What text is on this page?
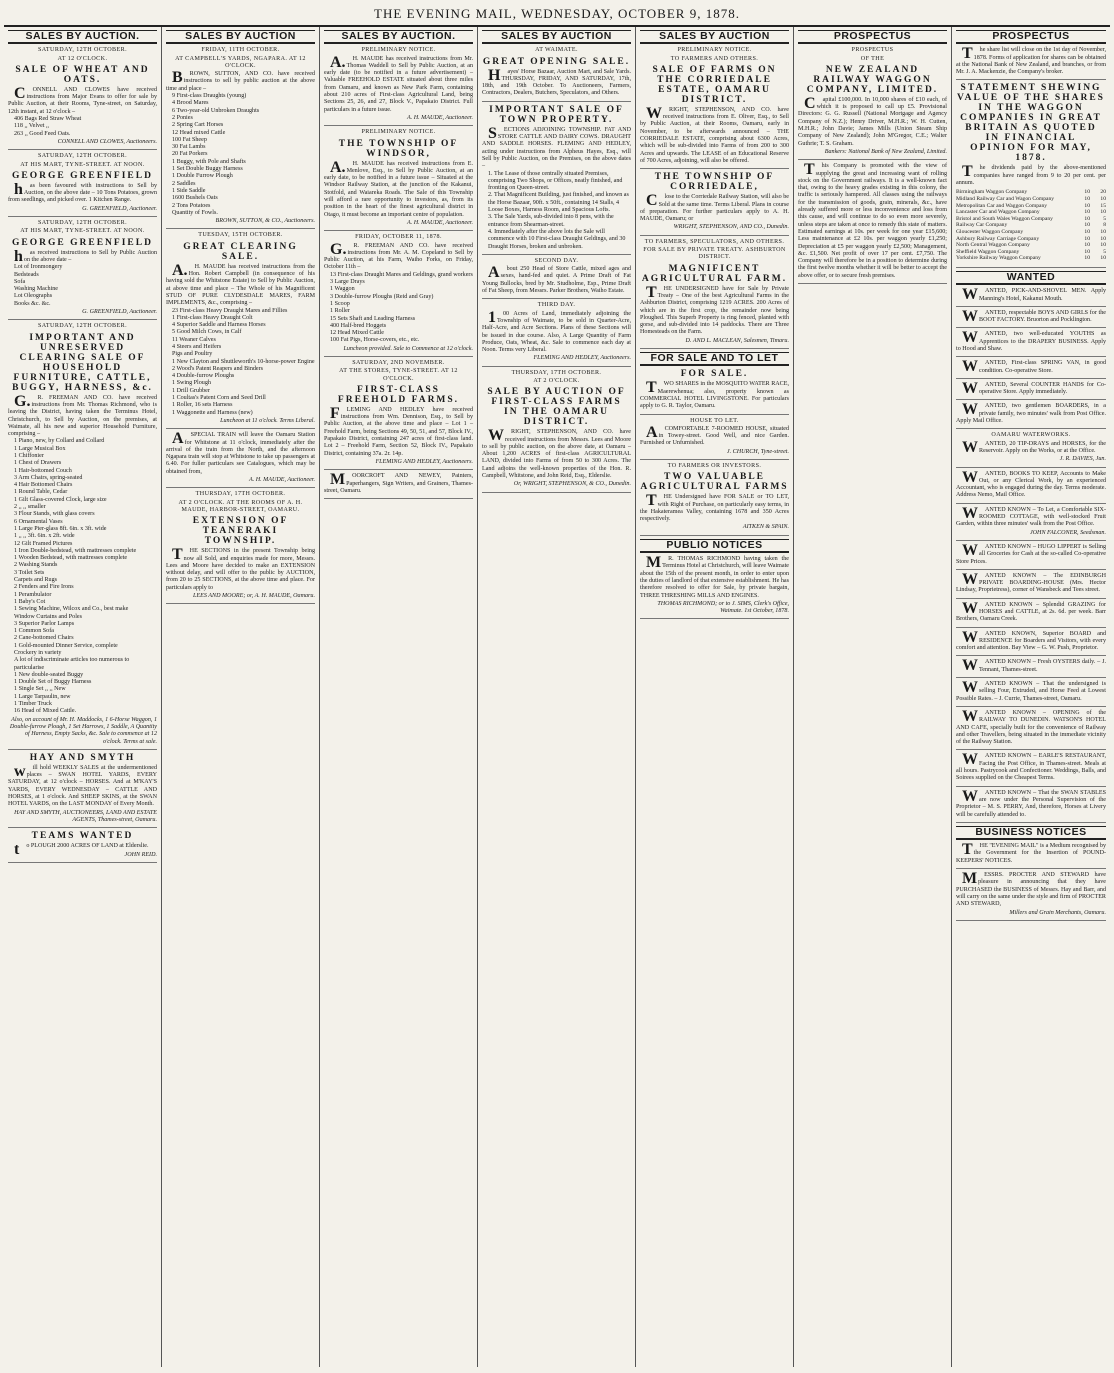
THE EVENING MAIL, WEDNESDAY, OCTOBER 9, 1878.
SALES BY AUCTION.
SATURDAY, 12TH OCTOBER.
AT 12 O'CLOCK.
SALE OF WHEAT AND OATS.

CONNELL AND CLOWES have received instructions from Major Evans to offer for sale by Public Auction, at their Rooms, Tyne-street, on Saturday, 12th instant, at 12 o'clock –

406 Bags Red Straw Wheat
118 ,, Velvet ,,
263 ,, Good Feed Oats.
CONNELL AND CLOWES, Auctioneers.
SATURDAY, 12TH OCTOBER.
AT HIS MART, TYNE-STREET. AT NOON.
GEORGE GREENFIELD

has been favoured with instructions to Sell by Auction, on the above date – 10 Tons Potatoes, grown from seedlings, and picked over. 1 Kitchen Range.

G. GREENFIELD, Auctioneer.
SATURDAY, 12TH OCTOBER.
AT HIS MART, TYNE-STREET. AT NOON.
GEORGE GREENFIELD

has received instructions to Sell by Public Auction on the above date –

Lot of Ironmongery
Bedsteads
Sofa
Washing Machine
Lot Oleographs
Books &c. &c.
G. GREENFIELD, Auctioneer.
SATURDAY, 12TH OCTOBER.
IMPORTANT AND UNRESERVED CLEARING SALE OF HOUSEHOLD FURNITURE, CATTLE, BUGGY, HARNESS, &c.

G.R. FREEMAN AND CO. have received instructions from Mr. Thomas Richmond, who is leaving the District, having taken the Terminus Hotel, Christchurch, to Sell by Auction, on the premises, at Waimate, all his new and superior Household Furniture, comprising –

1 Piano, new, by Collard and Collard
1 Large Musical Box
1 Chiffonier
1 Chest of Drawers
1 Hair-bottomed Couch
3 Arm Chairs, spring-seated
4 Hair Bottomed Chairs
1 Round Table, Cedar
1 Gilt Glass-covered Clock, large size
2 ,, ,, smaller
3 Flour Stands, with glass covers
6 Ornamental Vases
1 Large Pier-glass 8ft. 6in. x 3ft. wide
1 ,, ,, 3ft. 6in. x 2ft. wide
12 Gilt Framed Pictures
1 Iron Double-bedstead, with mattresses complete
1 Wooden Bedstead, with mattresses complete
2 Washing Stands
3 Toilet Sets
Carpets and Rugs
2 Fenders and Fire Irons
1 Perambulator
1 Baby's Cot
1 Sewing Machine, Wilcox and Co., best make
Window Curtains and Poles
3 Superior Parlor Lamps
1 Common Sofa
2 Cane-bottomed Chairs
1 Gold-mounted Dinner Service, complete
Crockery in variety
A lot of indiscriminate articles too numerous to particularise
1 New double-seated Buggy
1 Double Set of Buggy Harness
1 Single Set ,, ,, New
1 Large Tarpaulin, new
1 Timber Truck
16 Head of Mixed Cattle.
Also, on account of Mr. H. Maddocks, 1 6-Horse Waggon, 1 Double-furrow Plough, 1 Set Harrows, 1 Saddle, A Quantity of Harness, Empty Sacks, &c. Sale to commence at 12 o'clock. Terms at sale.
HAY AND SMYTH

will hold WEEKLY SALES at the undermentioned places – SWAN HOTEL YARDS, EVERY SATURDAY, at 12 o'clock – HORSES. And at M'KAY'S YARDS, EVERY WEDNESDAY – CATTLE AND HORSES, at 1 o'clock. And SHEEP SKINS, at the SWAN HOTEL YARDS, on the LAST MONDAY of Every Month.

HAY AND SMYTH, AUCTIONEERS, LAND AND ESTATE AGENTS, Thames-street, Oamaru.
TEAMS WANTED

to PLOUGH 2000 ACRES OF LAND at Elderslie.

JOHN REID.
SALES BY AUCTION
FRIDAY, 11TH OCTOBER.
AT CAMPBELL'S YARDS, NGAPARA. AT 12 O'CLOCK.

BROWN, SUTTON, AND CO. have received instructions to sell by public auction at the above time and place –

9 First-class Draughts (young)
4 Brood Mares
6 Two-year-old Unbroken Draughts
2 Ponies
2 Spring Cart Horses
12 Head mixed Cattle
100 Fat Sheep
30 Fat Lambs
20 Fat Porkers
1 Buggy, with Pole and Shafts
1 Set Double Buggy Harness
1 Double Furrow Plough
2 Saddles
1 Side Saddle
1600 Bushels Oats
2 Tons Potatoes
Quantity of Fowls.
BROWN, SUTTON, & CO., Auctioneers.
TUESDAY, 15TH OCTOBER.
GREAT CLEARING SALE.

A.H. MAUDE has received instructions from the Hon. Robert Campbell (in consequence of his having sold the Whitstone Estate) to Sell by Public Auction, at above time and place – The Whole of his Magnificent STUD OF PURE CLYDESDALE MARES, FARM IMPLEMENTS, &c., comprising –

23 First-class Heavy Draught Mares and Fillies
1 First-class Heavy Draught Colt
4 Superior Saddle and Harness Horses
5 Good Milch Cows, in Calf
11 Weaner Calves
4 Steers and Heifers
Pigs and Poultry
1 New Clayton and Shuttleworth's 10-horse-power Engine
2 Wood's Patent Reapers and Binders
4 Double-furrow Ploughs
1 Swing Plough
1 Drill Grubber
1 Coultas's Patent Corn and Seed Drill
1 Roller, 16 sets Harness
1 Waggonette and Harness (new)
Luncheon at 11 o'clock. Terms Liberal.

ASPECIAL TRAIN will leave the Oamaru Station for Whitstone at 11 o'clock, immediately after the arrival of the train from the North, and the afternoon Ngapara train will stop at Whitstone to take up passengers at 6.40. For fuller particulars see Catalogues, which may be obtained from,

A. H. MAUDE, Auctioneer.
THURSDAY, 17TH OCTOBER.
AT 2 O'CLOCK. AT THE ROOMS OF A. H. MAUDE, HARBOR-STREET, OAMARU.
EXTENSION OF TEANERAKI TOWNSHIP.

THE SECTIONS in the present Township being now all Sold, and enquiries made for more, Messrs. Lees and Moore have decided to make an EXTENSION without delay, and will offer to the public by AUCTION, from 20 to 25 SECTIONS, at the above time and place. For particulars apply to

LEES AND MOORE; or, A. H. MAUDE, Oamaru.
SALES BY AUCTION.
PRELIMINARY NOTICE.

A.H. MAUDE has received instructions from Mr. Thomas Waddell to Sell by Public Auction, at an early date (to be notified in a future advertisement) – Valuable FREEHOLD ESTATE situated about three miles from Oamaru, and known as New Park Farm, containing about 210 acres of First-class Agricultural Land, being Sections 25, 26, and 27, Block V., Papakaio District. Full particulars in a future issue.

A. H. MAUDE, Auctioneer.
PRELIMINARY NOTICE.
THE TOWNSHIP OF WINDSOR,

A.H. MAUDE has received instructions from E. Menlove, Esq., to Sell by Public Auction, at an early date, to be notified in a future issue – Situated at the Windsor Railway Station, at the junction of the Kakanui, Stotfold, and Waiareka Roads. The Sale of this Township will afford a rare opportunity to investors, as, from its position in the heart of the finest agricultural district in Otago, it must become an important centre of population.

A. H. MAUDE, Auctioneer.
FRIDAY, OCTOBER 11, 1878.

G.R. FREEMAN AND CO. have received instructions from Mr. A. M. Copeland to Sell by Public Auction, at his Farm, Waiho Forks, on Friday, October 11th –

13 First-class Draught Mares and Geldings, grand workers
3 Large Drays
1 Waggon
3 Double-furrow Ploughs (Reid and Gray)
1 Scoop
1 Roller
15 Sets Shaft and Leading Harness
400 Half-bred Hoggets
12 Head Mixed Cattle
100 Fat Pigs, Horse-covers, etc., etc.
Luncheon provided. Sale to Commence at 12 o'clock.
SATURDAY, 2ND NOVEMBER.
AT THE STORES, TYNE-STREET. AT 12 O'CLOCK.
FIRST-CLASS FREEHOLD FARMS.

FLEMING AND HEDLEY have received instructions from Wm. Dennison, Esq., to Sell by Public Auction, at the above time and place – Lot 1 – Freehold Farm, being Sections 49, 50, 51, and 57, Block IV., Papakaio District, containing 247 acres of first-class land. Lot 2 – Freehold Farm, Section 52, Block IV., Papakaio District, containing 37a. 2r. 14p.

FLEMING AND HEDLEY, Auctioneers.

MOORCROFT AND NEWEY, Painters, Paperhangers, Sign Writers, and Grainers, Thames-street, Oamaru.

SALES BY AUCTION
AT WAIMATE.
GREAT OPENING SALE.

Hayes' Horse Bazaar, Auction Mart, and Sale Yards. THURSDAY, FRIDAY, AND SATURDAY, 17th, 18th, and 19th October. To Auctioneers, Farmers, Contractors, Dealers, Butchers, Speculators, and Others.

IMPORTANT SALE OF TOWN PROPERTY.

SECTIONS ADJOINING TOWNSHIP. FAT AND STORE CATTLE AND DAIRY COWS. DRAUGHT AND SADDLE HORSES. FLEMING AND HEDLEY, acting under instructions from Alpheus Hayes, Esq., will Sell by Public Auction, on the Premises, on the above dates –

1. The Lease of those centrally situated Premises, comprising Two Shops, or Offices, neatly finished, and fronting on Queen-street.
2. That Magnificent Building, just finished, and known as the Horse Bazaar, 90ft. x 50ft., containing 14 Stalls, 4 Loose Boxes, Harness Room, and Spacious Lofts.
3. The Sale Yards, sub-divided into 8 pens, with the entrance from Shearman-street.
4. Immediately after the above lots the Sale will commence with 10 First-class Draught Geldings, and 30 Draught Horses, broken and unbroken.
SECOND DAY.

About 250 Head of Store Cattle, mixed ages and sexes, hand-fed and quiet. A Prime Draft of Fat Young Bullocks, bred by Mr. Studholme, Esp., Prime Draft of Fat Sheep, from Messrs. Parker Brothers, Waiho Estate.

THIRD DAY.

100 Acres of Land, immediately adjoining the Township of Waimate, to be sold in Quarter-Acre, Half-Acre, and Acre Sections. Plans of these Sections will be issued in due course. Also, A Large Quantity of Farm Produce, Oats, Wheat, &c. Sale to commence each day at Noon. Terms very Liberal.

FLEMING AND HEDLEY, Auctioneers.
THURSDAY, 17TH OCTOBER.
AT 2 O'CLOCK.
SALE BY AUCTION OF FIRST-CLASS FARMS IN THE OAMARU DISTRICT.

WRIGHT, STEPHENSON, AND CO. have received instructions from Messrs. Lees and Moore to sell by public auction, on the above date, at Oamaru – About 1,200 ACRES of first-class AGRICULTURAL LAND, divided into Farms of from 50 to 300 Acres. The Land adjoins the well-known properties of the Hon. R. Campbell, Whitstone, and John Reid, Esq., Elderslie.

Or, WRIGHT, STEPHENSON, & CO., Dunedin.
SALES BY AUCTION
PRELIMINARY NOTICE.
TO FARMERS AND OTHERS.
SALE OF FARMS ON THE CORRIEDALE ESTATE, OAMARU DISTRICT.

WRIGHT, STEPHENSON, AND CO. have received instructions from E. Oliver, Esq., to Sell by Public Auction, at their Rooms, Oamaru, early in November, to be afterwards announced – THE CORRIEDALE ESTATE, comprising about 6300 Acres, which will be sub-divided into Farms of from 200 to 300 Acres and upwards. The LEASE of an Educational Reserve of 700 Acres, adjoining, will also be offered.

THE TOWNSHIP OF CORRIEDALE,

Close to the Corriedale Railway Station, will also be Sold at the same time. Terms Liberal. Plans in course of preparation. For further particulars apply to A. H. MAUDE, Oamaru; or

WRIGHT, STEPHENSON, AND CO., Dunedin.
TO FARMERS, SPECULATORS, AND OTHERS.
FOR SALE BY PRIVATE TREATY. ASHBURTON DISTRICT.
MAGNIFICENT AGRICULTURAL FARM.

THE UNDERSIGNED have for Sale by Private Treaty – One of the best Agricultural Farms in the Ashburton District, comprising 1219 ACRES. 200 Acres of which are in the first crop, the remainder now being Ploughed. This Superb Property is ring fenced, planted with gorse, and sub-divided into 14 paddocks. There are Three Homesteads on the Farm.

D. AND L. MACLEAN, Salesmen, Timaru.
FOR SALE AND TO LET
FOR SALE.

TWO SHARES in the MOSQUITO WATER RACE, Maerewhenua; also, property known as COMMERCIAL HOTEL LIVINGSTONE. For particulars apply to G. R. Taylor, Oamaru.

HOUSE TO LET.

ACOMFORTABLE 7-ROOMED HOUSE, situated in Towey-street. Good Well, and nice Garden. Furnished or Unfurnished.

J. CHURCH, Tyne-street.
TO FARMERS OR INVESTORS.
TWO VALUABLE AGRICULTURAL FARMS

THE Undersigned have FOR SALE or TO LET, with Right of Purchase, on particularly easy terms, in the Hakateramea Valley, containing 1678 and 350 Acres respectively.

AITKEN & SPAIN.
PUBLIO NOTICES

MR. THOMAS RICHMOND having taken the Terminus Hotel at Christchurch, will leave Waimate about the 15th of the present month, in order to enter upon the duties of landlord of that extensive establishment. He has therefore resolved to offer for Sale, by private bargain, THREE THRESHING MILLS AND ENGINES.

THOMAS RICHMOND; or to J. SIMS, Clerk's Office, Waimate. 1st October, 1878.
PROSPECTUS
PROSPECTUS
OF THE
NEW ZEALAND RAILWAY WAGGON COMPANY, LIMITED.

Capital £100,000. In 10,000 shares of £10 each, of which it is proposed to call up £5. Provisional Directors: G. G. Russell (National Mortgage and Agency Company of N.Z.); Henry Driver, M.H.R.; W. H. Cutten, M.H.R.; John Davie; James Mills (Union Steam Ship Company of New Zealand); John M'Gregor, C.E.; Walter Guthrie; T. S. Graham.

Bankers: National Bank of New Zealand, Limited.

This Company is promoted with the view of supplying the great and increasing want of rolling stock on the Government railways. It is a well-known fact that, owing to the heavy grades existing in this colony, the traffic is seriously hampered. All classes using the railways for the transmission of goods, grain, minerals, &c., have already suffered more or less inconvenience and loss from this cause, and will continue to do so even more severely, unless steps are taken at once to remedy this state of matters. Estimated earnings at 10s. per week for one year £15,600; Less maintenance at £2 10s. per waggon yearly £1,250; Depreciation at £5 per waggon yearly £2,500; Management, &c. £1,500. Net profit of over 17 per cent. £7,750. The Company will therefore be in a position to determine during the first twelve months whether it will be better to accept the above offer, or to secure fresh premises.

PROSPECTUS

The share list will close on the 1st day of November, 1878. Forms of application for shares can be obtained at the National Bank of New Zealand, and branches, or from Mr. J. A. Mackenzie, the Company's broker.

STATEMENT SHEWING VALUE OF THE SHARES IN THE WAGGON COMPANIES IN GREAT BRITAIN AS QUOTED IN FINANCIAL OPINION FOR MAY, 1878.

The dividends paid by the above-mentioned companies have ranged from 9 to 20 per cent. per annum.

Birmingham Waggon Company	10	20
Midland Railway Car and Wagon Company	10	10
Metropolitan Car and Waggon Company	10	15
Lancaster Car and Waggon Company	10	10
Bristol and South Wales Waggon Company	10	5
Railway Car Company	10	8
Gloucester Waggon Company	10	10
Ashbury Railway Carriage Company	10	10
North Central Waggon Company	10	10
Sheffield Waggon Company	10	5
Yorkshire Railway Waggon Company	10	10
WANTED

WANTED, PICK-AND-SHOVEL MEN. Apply Manning's Hotel, Kakanui Mouth.

WANTED, respectable BOYS AND GIRLS for the BOOT FACTORY. Bruorton and Pocklington.

WANTED, two well-educated YOUTHS as Apprentices to the DRAPERY BUSINESS. Apply to Hood and Shaw.

WANTED, First-class SPRING VAN, in good condition. Co-operative Store.

WANTED, Several COUNTER HANDS for Co-operative Store. Apply immediately.

WANTED, two gentlemen BOARDERS, in a private family, two minutes' walk from Post Office. Apply Mail Office.

OAMARU WATERWORKS.

WANTED, 20 TIP-DRAYS and HORSES, for the Reservoir. Apply on the Works, or at the Office.

J. R. DAVIES, Jun.

WANTED, BOOKS TO KEEP, Accounts to Make Out, or any Clerical Work, by an experienced Accountant, who is engaged during the day. Terms moderate. Address Nemo, Mail Office.

WANTED KNOWN – To Let, a Comfortable SIX-ROOMED COTTAGE, with well-stocked Fruit Garden, within three minutes' walk from the Post Office.

JOHN FALCONER, Seedsman.

WANTED KNOWN – HUGO LIPPERT is Selling all Groceries for Cash at the so-called Co-operative Store Prices.

WANTED KNOWN – The EDINBURGH PRIVATE BOARDING-HOUSE (Mrs. Hector Lindsay, Proprietress), corner of Wansbeck and Tees street.

WANTED KNOWN – Splendid GRAZING for HORSES and CATTLE, at 2s. 6d. per week. Barr Brothers, Oamaru Creek.

WANTED KNOWN, Superior BOARD and RESIDENCE for Boarders and Visitors, with every comfort and attention. Bay View – G. W. Push, Proprietor.

WANTED KNOWN – Fresh OYSTERS daily. – J. Tennant, Thames-street.

WANTED KNOWN – That the undersigned is selling Four, Extruded, and Horse Feed at Lowest Possible Rates. – J. Currie, Thames-street, Oamaru.

WANTED KNOWN – OPENING of the RAILWAY TO DUNEDIN. WATSON'S HOTEL AND CAFE, specially built for the convenience of Railway and other Travellers, being situated in the immediate vicinity of the Railway Station.

WANTED KNOWN – EARLE'S RESTAURANT, Facing the Post Office, in Thames-street. Meals at all hours. Pastrycook and Confectioner. Weddings, Balls, and Soirees supplied on the Cheapest Terms.

WANTED KNOWN – That the SWAN STABLES are now under the Personal Supervision of the Proprietor – M. S. PERRY, And, therefore, Horses at Livery will be carefully attended to.

BUSINESS NOTICES

THE "EVENING MAIL" is a Medium recognised by the Government for the Insertion of POUND-KEEPERS' NOTICES.

MESSRS. PROCTER AND STEWARD have pleasure in announcing that they have PURCHASED the BUSINESS of Messrs. Hay and Barr, and will carry on the same under the style and firm of PROCTER AND STEWARD,

Millers and Grain Merchants, Oamaru.
